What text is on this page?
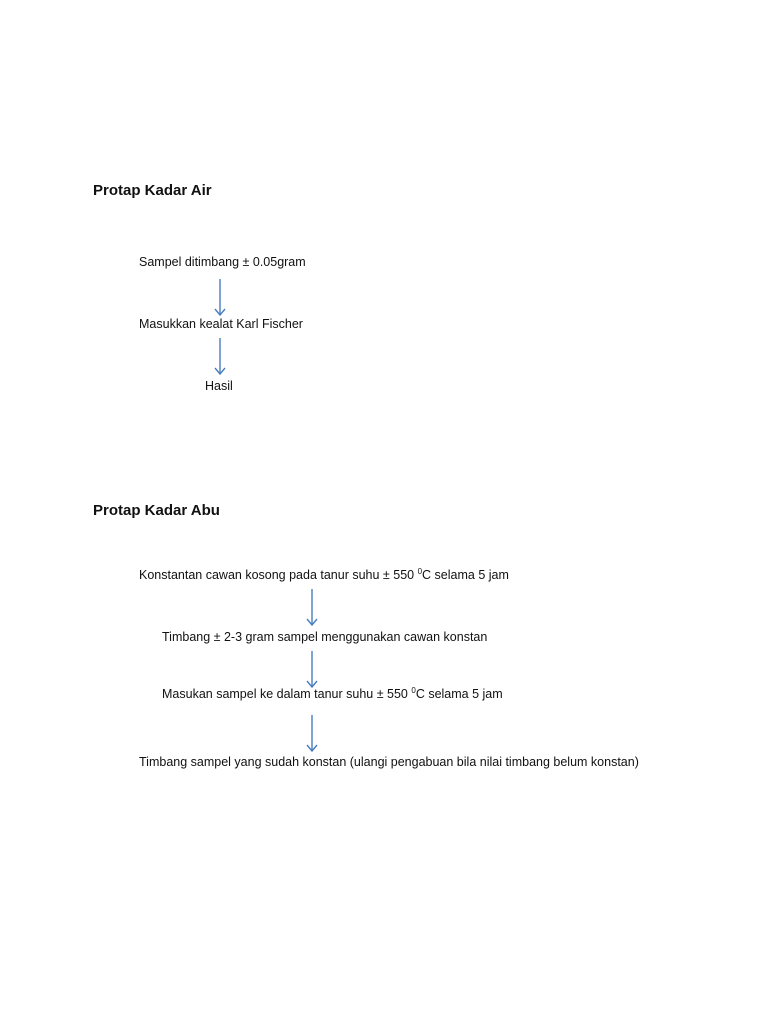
Protap Kadar Air

Sampel ditimbang ± 0.05gram

Masukkan kealat Karl Fischer

Hasil

Protap Kadar Abu

Konstantan cawan kosong pada tanur suhu ± 550 $^0$C selama 5 jam

Timbang ± 2-3 gram sampel menggunakan cawan konstan

Masukan sampel ke dalam tanur suhu ± 550 $^0$C selama 5 jam

Timbang sampel yang sudah konstan (ulangi pengabuan bila nilai timbang belum konstan)
